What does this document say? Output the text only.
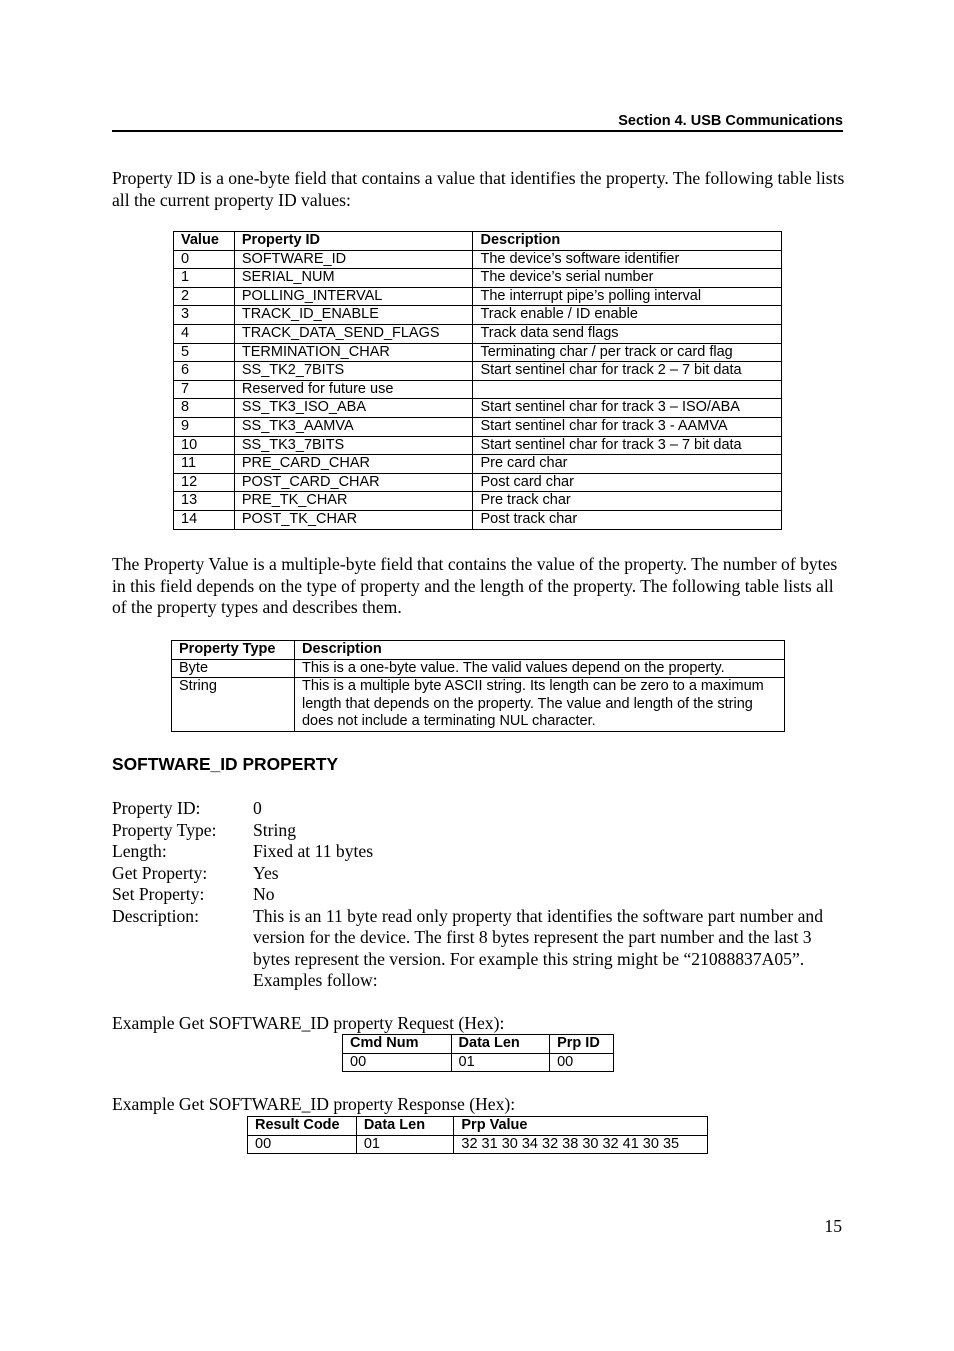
Section 4. USB Communications

Property ID is a one-byte field that contains a value that identifies the property. The following table lists all the current property ID values:

Value	Property ID	Description
0	SOFTWARE_ID	The device’s software identifier
1	SERIAL_NUM	The device’s serial number
2	POLLING_INTERVAL	The interrupt pipe’s polling interval
3	TRACK_ID_ENABLE	Track enable / ID enable
4	TRACK_DATA_SEND_FLAGS	Track data send flags
5	TERMINATION_CHAR	Terminating char / per track or card flag
6	SS_TK2_7BITS	Start sentinel char for track 2 – 7 bit data
7	Reserved for future use	
8	SS_TK3_ISO_ABA	Start sentinel char for track 3 – ISO/ABA
9	SS_TK3_AAMVA	Start sentinel char for track 3 - AAMVA
10	SS_TK3_7BITS	Start sentinel char for track 3 – 7 bit data
11	PRE_CARD_CHAR	Pre card char
12	POST_CARD_CHAR	Post card char
13	PRE_TK_CHAR	Pre track char
14	POST_TK_CHAR	Post track char

The Property Value is a multiple-byte field that contains the value of the property. The number of bytes in this field depends on the type of property and the length of the property. The following table lists all of the property types and describes them.

Property Type	Description
Byte	This is a one-byte value. The valid values depend on the property.
String	This is a multiple byte ASCII string. Its length can be zero to a maximum length that depends on the property. The value and length of the string does not include a terminating NUL character.
SOFTWARE_ID PROPERTY
Property ID:	0
Property Type:	String
Length:	Fixed at 11 bytes
Get Property:	Yes
Set Property:	No
Description:	This is an 11 byte read only property that identifies the software part number and version for the device. The first 8 bytes represent the part number and the last 3 bytes represent the version. For example this string might be “21088837A05”. Examples follow:

Example Get SOFTWARE_ID property Request (Hex):

Cmd Num	Data Len	Prp ID
00	01	00

Example Get SOFTWARE_ID property Response (Hex):

Result Code	Data Len	Prp Value
00	01	32 31 30 34 32 38 30 32 41 30 35
15
